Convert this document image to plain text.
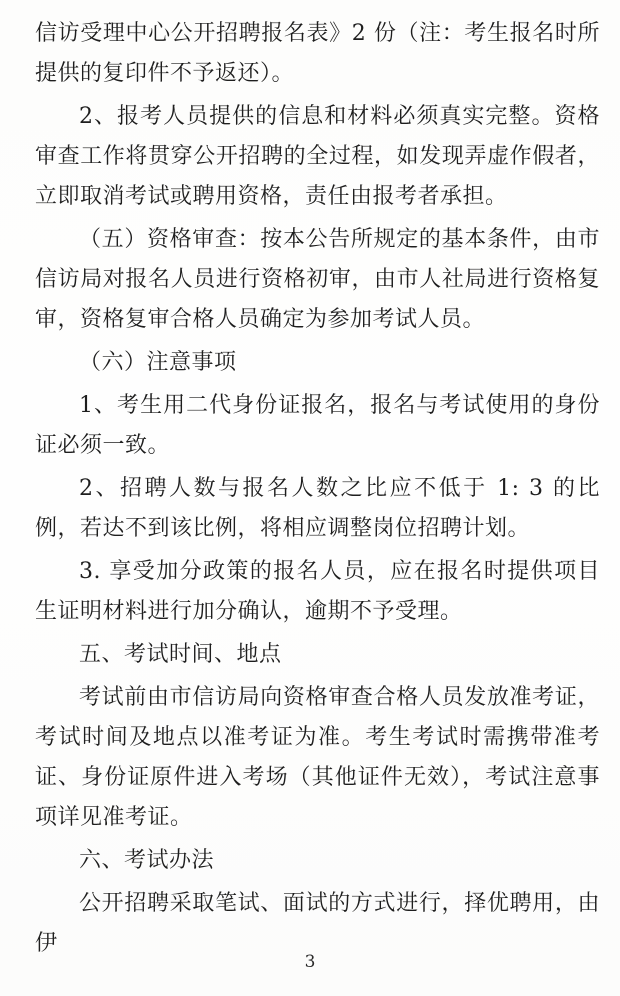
信访受理中心公开招聘报名表》2 份（注：考生报名时所提供的复印件不予返还）。

2、报考人员提供的信息和材料必须真实完整。资格审查工作将贯穿公开招聘的全过程，如发现弄虚作假者，立即取消考试或聘用资格，责任由报考者承担。

（五）资格审查：按本公告所规定的基本条件，由市信访局对报名人员进行资格初审，由市人社局进行资格复审，资格复审合格人员确定为参加考试人员。

（六）注意事项

1、考生用二代身份证报名，报名与考试使用的身份证必须一致。

2、招聘人数与报名人数之比应不低于 1: 3 的比例，若达不到该比例，将相应调整岗位招聘计划。

3. 享受加分政策的报名人员，应在报名时提供项目生证明材料进行加分确认，逾期不予受理。

五、考试时间、地点

考试前由市信访局向资格审查合格人员发放准考证，考试时间及地点以准考证为准。考生考试时需携带准考证、身份证原件进入考场（其他证件无效），考试注意事项详见准考证。

六、考试办法

公开招聘采取笔试、面试的方式进行，择优聘用，由伊

3
